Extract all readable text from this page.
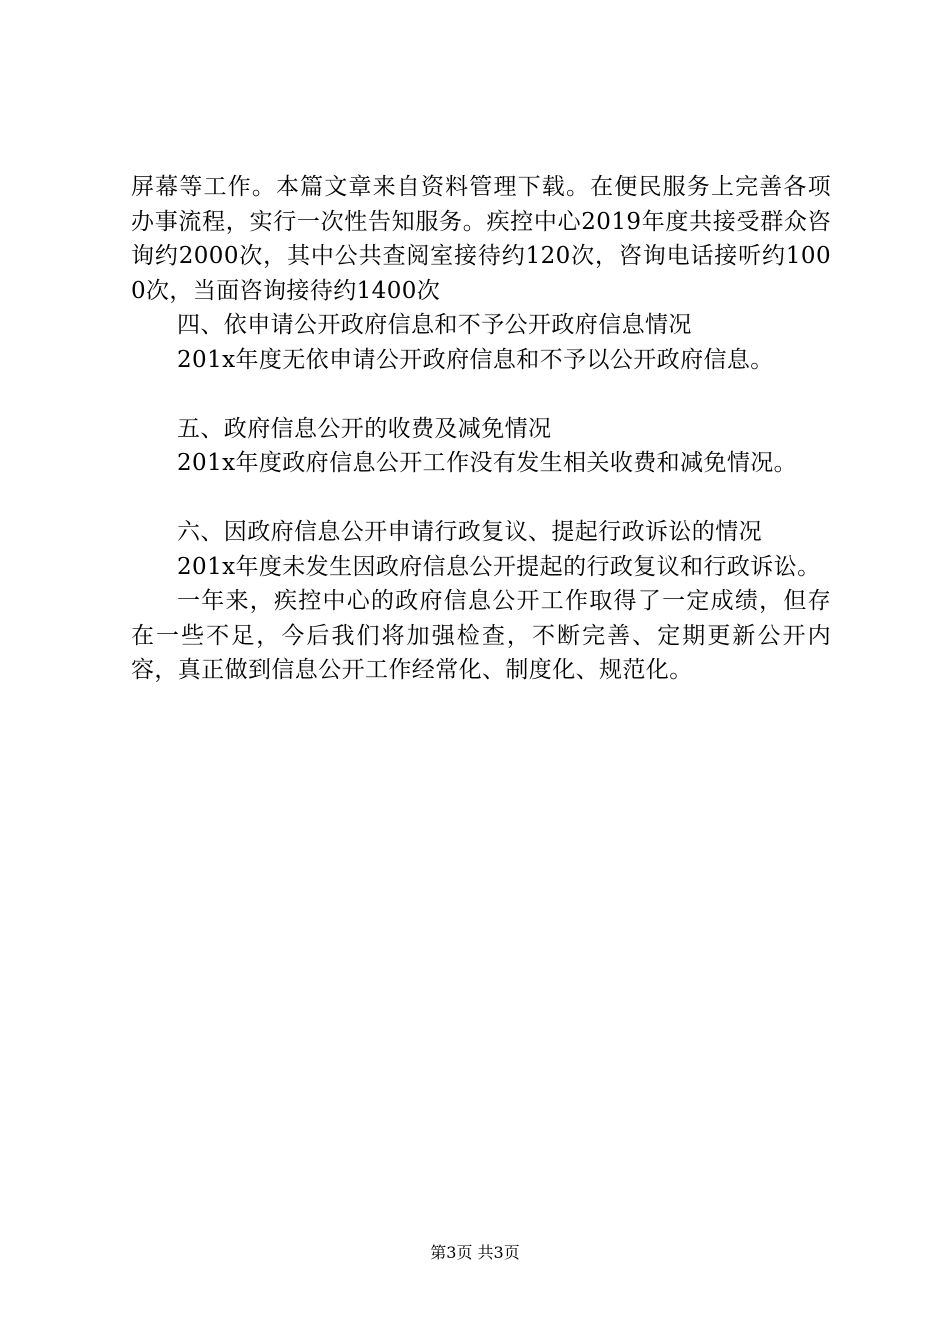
屏幕等工作。本篇文章来自资料管理下载。在便民服务上完善各项办事流程，实行一次性告知服务。疾控中心2019年度共接受群众咨询约2000次，其中公共查阅室接待约120次，咨询电话接听约1000次，当面咨询接待约1400次

四、依申请公开政府信息和不予公开政府信息情况

201x年度无依申请公开政府信息和不予以公开政府信息。

五、政府信息公开的收费及减免情况

201x年度政府信息公开工作没有发生相关收费和减免情况。

六、因政府信息公开申请行政复议、提起行政诉讼的情况

201x年度未发生因政府信息公开提起的行政复议和行政诉讼。

一年来，疾控中心的政府信息公开工作取得了一定成绩，但存在一些不足，今后我们将加强检查，不断完善、定期更新公开内容，真正做到信息公开工作经常化、制度化、规范化。

第3页 共3页
